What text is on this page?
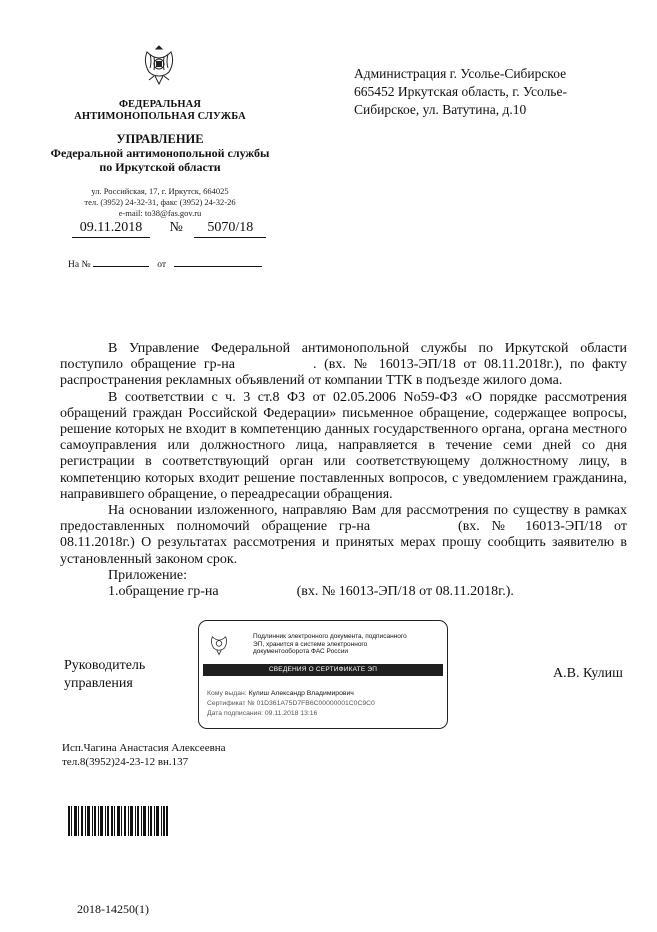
ФЕДЕРАЛЬНАЯ
АНТИМОНОПОЛЬНАЯ СЛУЖБА
УПРАВЛЕНИЕ
Федеральной антимонопольной службы
по Иркутской области
ул. Российская, 17, г. Иркутск, 664025
тел. (3952) 24-32-31, факс (3952) 24-32-26
e-mail: to38@fas.gov.ru
09.11.2018 № 5070/18
На №	от
Администрация г. Усолье-Сибирское
665452 Иркутская область, г. Усолье-
Сибирское, ул. Ватутина, д.10

В Управление Федеральной антимонопольной службы по Иркутской области поступило обращение гр-на	. (вх. № 16013-ЭП/18 от 08.11.2018г.), по факту распространения рекламных объявлений от компании ТТК в подъезде жилого дома.

В соответствии с ч. 3 ст.8 ФЗ от 02.05.2006 No59-ФЗ «О порядке рассмотрения обращений граждан Российской Федерации» письменное обращение, содержащее вопросы, решение которых не входит в компетенцию данных государственного органа, органа местного самоуправления или должностного лица, направляется в течение семи дней со дня регистрации в соответствующий орган или соответствующему должностному лицу, в компетенцию которых входит решение поставленных вопросов, с уведомлением гражданина, направившего обращение, о переадресации обращения.

На основании изложенного, направляю Вам для рассмотрения по существу в рамках предоставленных полномочий обращение гр-на	(вх. № 16013-ЭП/18 от 08.11.2018г.) О результатах рассмотрения и принятых мерах прошу сообщить заявителю в установленный законом срок.

Приложение:

1.обращение гр-на	(вх. № 16013-ЭП/18 от 08.11.2018г.).

Руководитель
управления
А.В. Кулиш
Подлинник электронного документа, подписанного
ЭП, хранится в системе электронного
документооборота ФАС России
СВЕДЕНИЯ О СЕРТИФИКАТЕ ЭП
Кому выдан: Кулиш Александр Владимирович
Сертификат № 01D361A75D7FB6C00000001C0C9C0
Дата подписания: 09.11.2018 13:16
Исп.Чагина Анастасия Алексеевна
тел.8(3952)24-23-12 вн.137
2018-14250(1)
